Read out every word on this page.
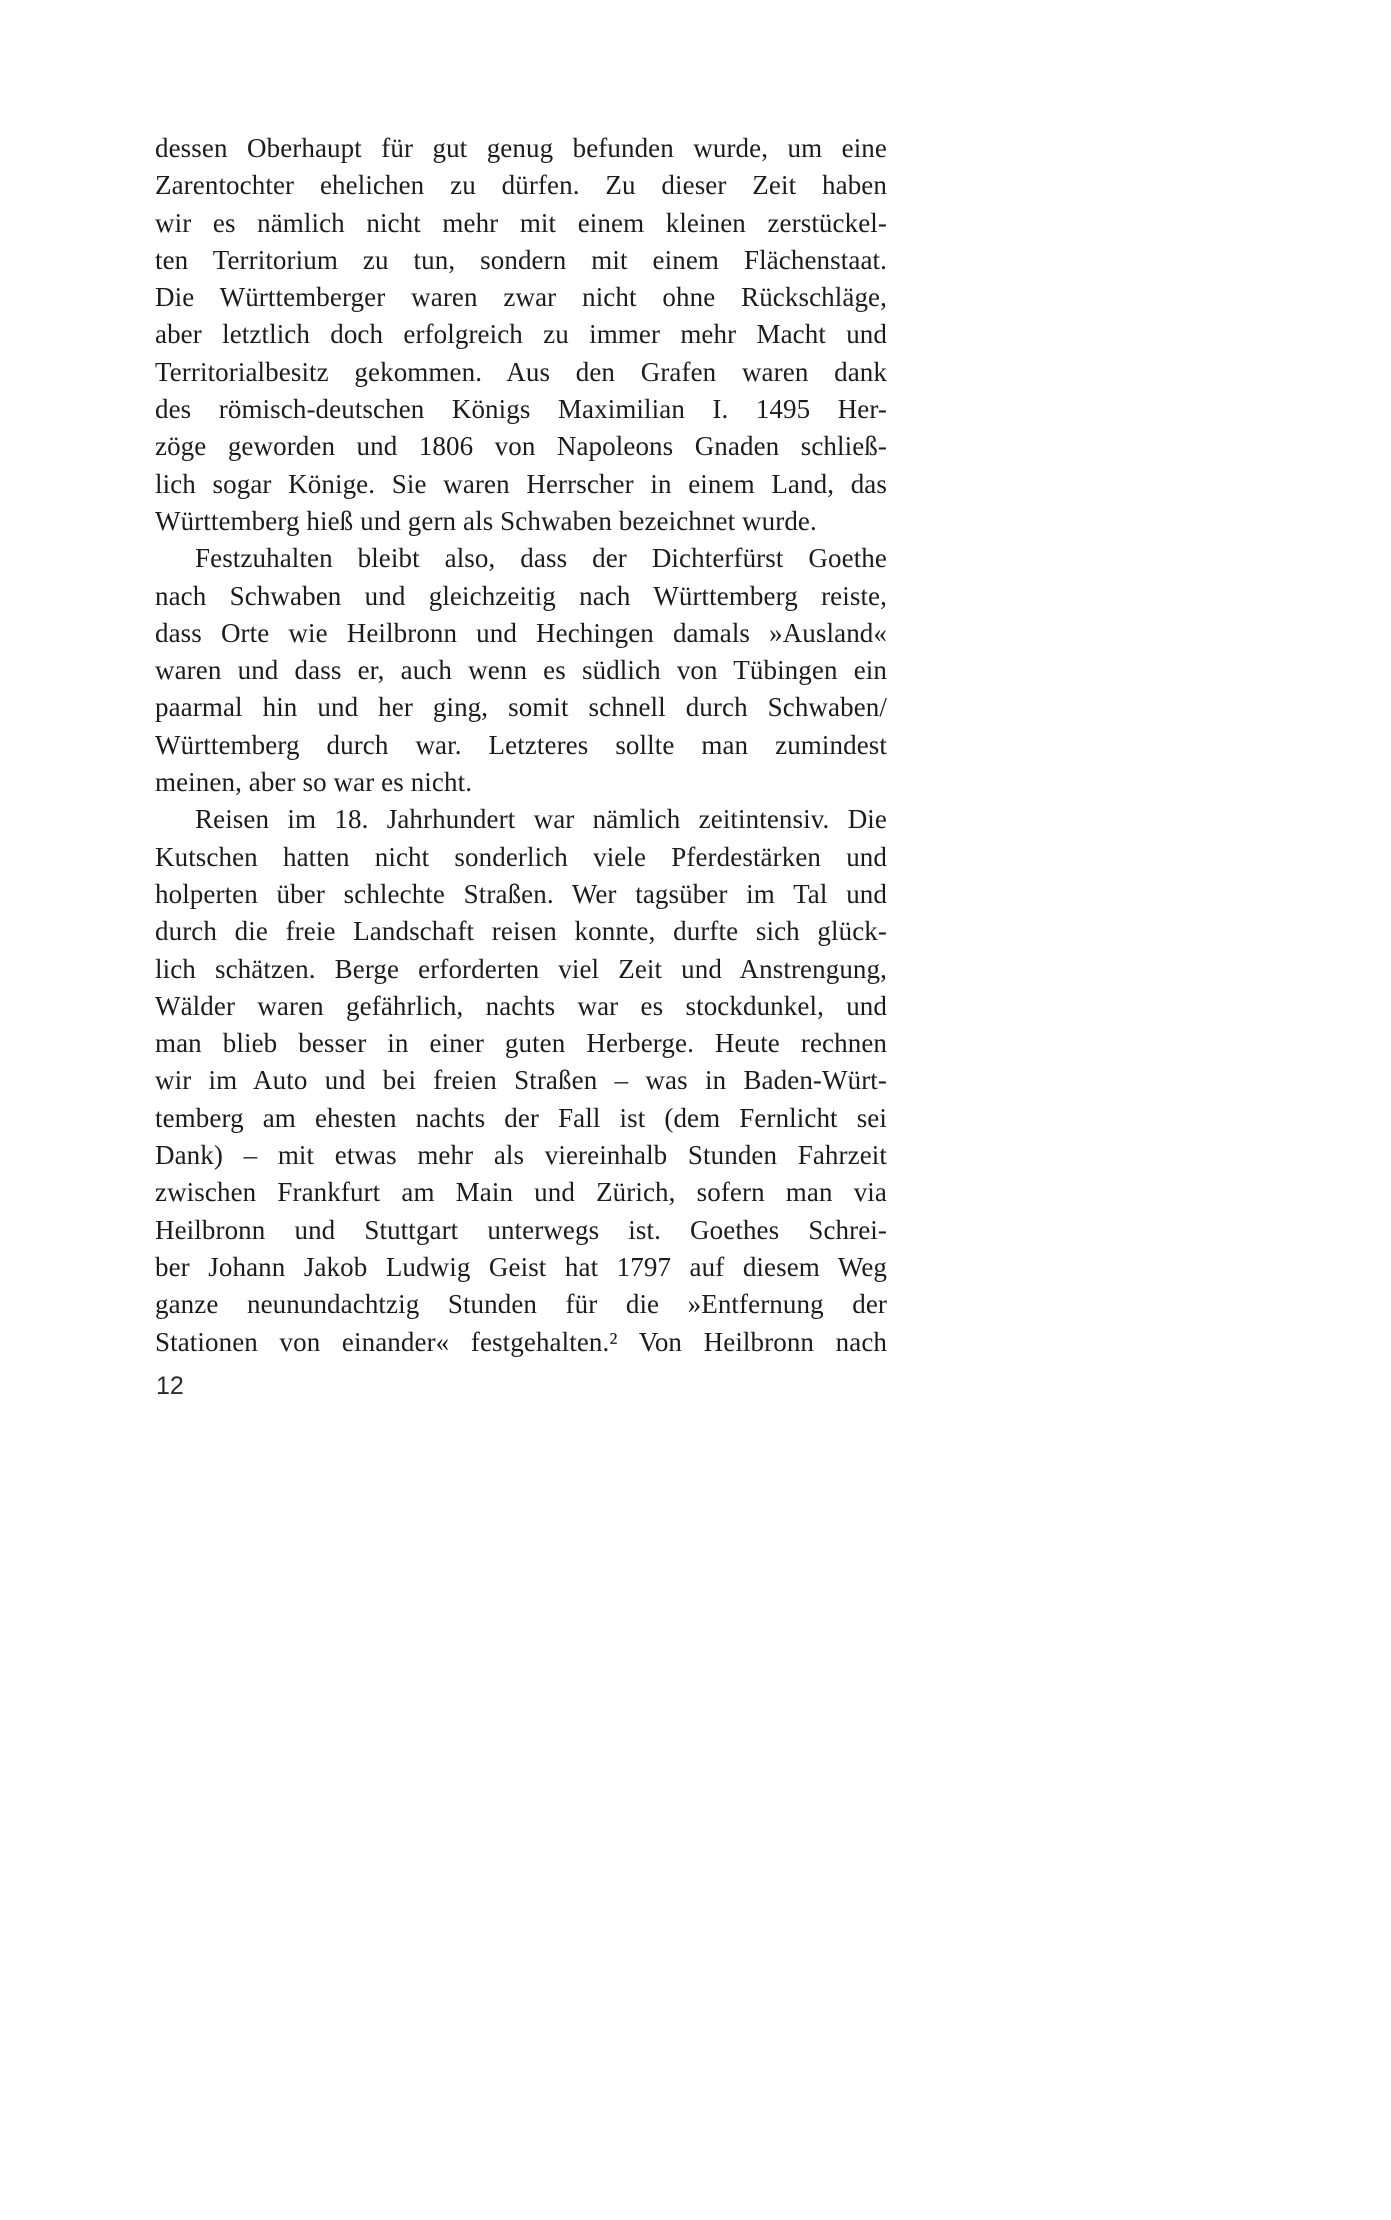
dessen Oberhaupt für gut genug befunden wurde, um eine
Zarentochter ehelichen zu dürfen. Zu dieser Zeit haben
wir es nämlich nicht mehr mit einem kleinen zerstückel-
ten Territorium zu tun, sondern mit einem Flächenstaat.
Die Württemberger waren zwar nicht ohne Rückschläge,
aber letztlich doch erfolgreich zu immer mehr Macht und
Territorialbesitz gekommen. Aus den Grafen waren dank
des römisch-deutschen Königs Maximilian I. 1495 Her-
zöge geworden und 1806 von Napoleons Gnaden schließ-
lich sogar Könige. Sie waren Herrscher in einem Land, das
Württemberg hieß und gern als Schwaben bezeichnet wurde.
Festzuhalten bleibt also, dass der Dichterfürst Goethe
nach Schwaben und gleichzeitig nach Württemberg reiste,
dass Orte wie Heilbronn und Hechingen damals »Ausland«
waren und dass er, auch wenn es südlich von Tübingen ein
paarmal hin und her ging, somit schnell durch Schwaben/
Württemberg durch war. Letzteres sollte man zumindest
meinen, aber so war es nicht.
Reisen im 18. Jahrhundert war nämlich zeitintensiv. Die
Kutschen hatten nicht sonderlich viele Pferdestärken und
holperten über schlechte Straßen. Wer tagsüber im Tal und
durch die freie Landschaft reisen konnte, durfte sich glück-
lich schätzen. Berge erforderten viel Zeit und Anstrengung,
Wälder waren gefährlich, nachts war es stockdunkel, und
man blieb besser in einer guten Herberge. Heute rechnen
wir im Auto und bei freien Straßen – was in Baden-Würt-
temberg am ehesten nachts der Fall ist (dem Fernlicht sei
Dank) – mit etwas mehr als viereinhalb Stunden Fahrzeit
zwischen Frankfurt am Main und Zürich, sofern man via
Heilbronn und Stuttgart unterwegs ist. Goethes Schrei-
ber Johann Jakob Ludwig Geist hat 1797 auf diesem Weg
ganze neunundachtzig Stunden für die »Entfernung der
Stationen von einander« festgehalten.² Von Heilbronn nach
12
